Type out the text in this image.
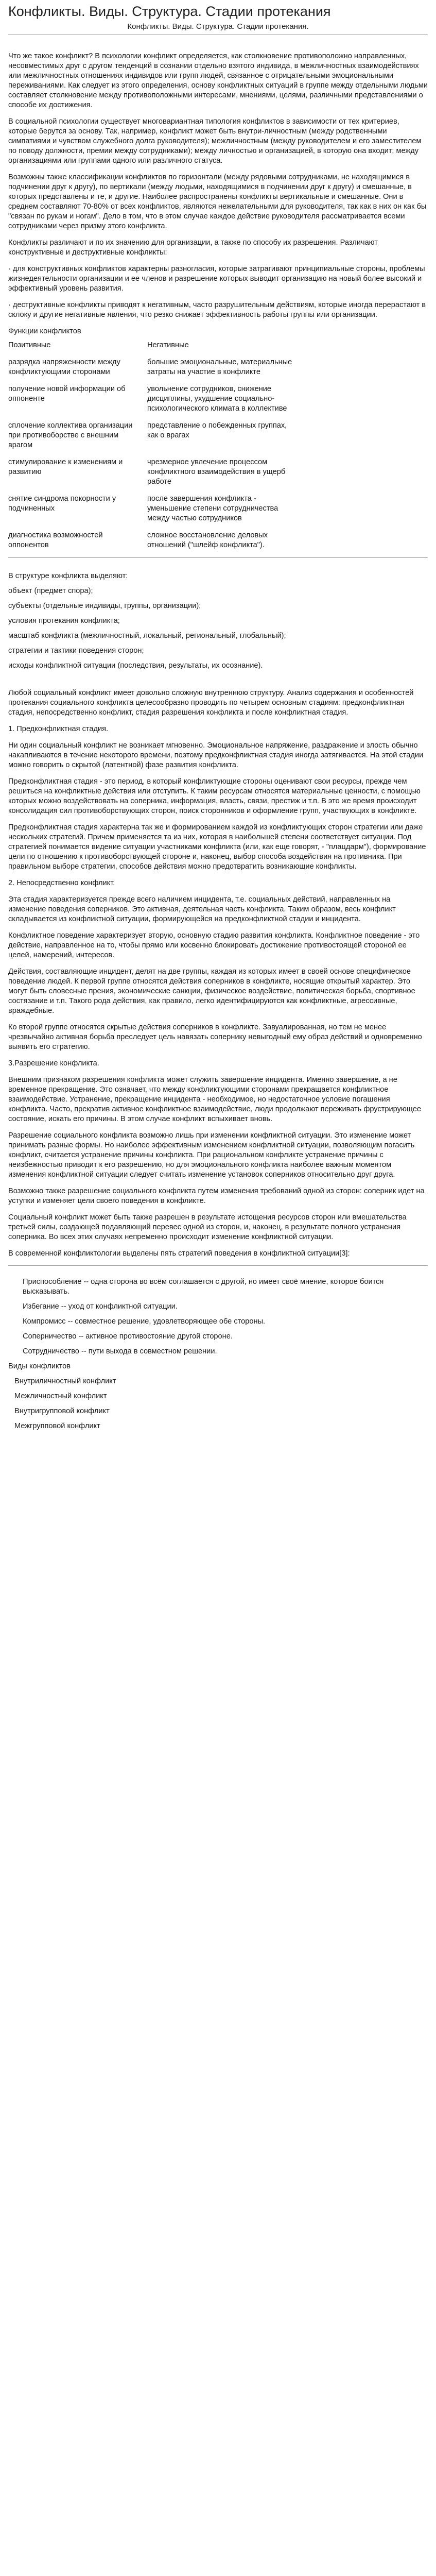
Конфликты. Виды. Структура. Стадии протекания
Конфликты. Виды. Структура. Стадии протекания.

Что же такое конфликт? В психологии конфликт определяется, как столкновение противоположно направленных, несовместимых друг с другом тенденций в сознании отдельно взятого индивида, в межличностных взаимодействиях или межличностных отношениях индивидов или групп людей, связанное с отрицательными эмоциональными переживаниями. Как следует из этого определения, основу конфликтных ситуаций в группе между отдельными людьми составляет столкновение между противоположными интересами, мнениями, целями, различными представлениями о способе их достижения.

В социальной психологии существует многовариантная типология конфликтов в зависимости от тех критериев, которые берутся за основу. Так, например, конфликт может быть внутри-личностным (между родственными симпатиями и чувством служебного долга руководителя); межличностным (между руководителем и его заместителем по поводу должности, премии между сотрудниками); между личностью и организацией, в которую она входит; между организациями или группами одного или различного статуса.

Возможны также классификации конфликтов по горизонтали (между рядовыми сотрудниками, не находящимися в подчинении друг к другу), по вертикали (между людьми, находящимися в подчинении друг к другу) и смешанные, в которых представлены и те, и другие. Наиболее распространены конфликты вертикальные и смешанные. Они в среднем составляют 70-80% от всех конфликтов, являются нежелательными для руководителя, так как в них он как бы "связан по рукам и ногам". Дело в том, что в этом случае каждое действие руководителя рассматривается всеми сотрудниками через призму этого конфликта.

Конфликты различают и по их значению для организации, а также по способу их разрешения. Различают конструктивные и деструктивные конфликты:

· для конструктивных конфликтов характерны разногласия, которые затрагивают принципиальные стороны, проблемы жизнедеятельности организации и ее членов и разрешение которых выводит организацию на новый более высокий и эффективный уровень развития.

· деструктивные конфликты приводят к негативным, часто разрушительным действиям, которые иногда перерастают в склоку и другие негативные явления, что резко снижает эффективность работы группы или организации.

Функции конфликтов
Позитивные	Негативные
разрядка напряженности между конфликтующими сторонами
большие эмоциональные, материальные затраты на участие в конфликте
получение новой информации об оппоненте
увольнение сотрудников, снижение дисциплины, ухудшение социально-психологического климата в коллективе
сплочение коллектива организации при противоборстве с внешним врагом
представление о побежденных группах, как о врагах
стимулирование к изменениям и развитию
чрезмерное увлечение процессом конфликтного взаимодействия в ущерб работе
снятие синдрома покорности у подчиненных
после завершения конфликта - уменьшение степени сотрудничества между частью сотрудников
диагностика возможностей оппонентов
сложное восстановление деловых отношений ("шлейф конфликта").

В структуре конфликта выделяют:

объект (предмет спора);

субъекты (отдельные индивиды, группы, организации);

условия протекания конфликта;

масштаб конфликта (межличностный, локальный, региональный, глобальный);

стратегии и тактики поведения сторон;

исходы конфликтной ситуации (последствия, результаты, их осознание).

Любой социальный конфликт имеет довольно сложную внутреннюю структуру. Анализ содержания и особенностей протекания социального конфликта целесообразно проводить по четырем основным стадиям: предконфликтная стадия, непосредственно конфликт, стадия разрешения конфликта и после конфликтная стадия.

1. Предконфликтная стадия.

Ни один социальный конфликт не возникает мгновенно. Эмоциональное напряжение, раздражение и злость обычно накапливаются в течение некоторого времени, поэтому предконфликтная стадия иногда затягивается. На этой стадии можно говорить о скрытой (латентной) фазе развития конфликта.

Предконфликтная стадия - это период, в который конфликтующие стороны оценивают свои ресурсы, прежде чем решиться на конфликтные действия или отступить. К таким ресурсам относятся материальные ценности, с помощью которых можно воздействовать на соперника, информация, власть, связи, престиж и т.п. В это же время происходит консолидация сил противоборствующих сторон, поиск сторонников и оформление групп, участвующих в конфликте.

Предконфликтная стадия характерна так же и формированием каждой из конфликтующих сторон стратегии или даже нескольких стратегий. Причем применяется та из них, которая в наибольшей степени соответствует ситуации. Под стратегией понимается видение ситуации участниками конфликта (или, как еще говорят, - "плацдарм"), формирование цели по отношению к противоборствующей стороне и, наконец, выбор способа воздействия на противника. При правильном выборе стратегии, способов действия можно предотвратить возникающие конфликты.

2. Непосредственно конфликт.

Эта стадия характеризуется прежде всего наличием инцидента, т.е. социальных действий, направленных на изменение поведения соперников. Это активная, деятельная часть конфликта. Таким образом, весь конфликт складывается из конфликтной ситуации, формирующейся на предконфликтной стадии и инцидента.

Конфликтное поведение характеризует вторую, основную стадию развития конфликта. Конфликтное поведение - это действие, направленное на то, чтобы прямо или косвенно блокировать достижение противостоящей стороной ее целей, намерений, интересов.

Действия, составляющие инцидент, делят на две группы, каждая из которых имеет в своей основе специфическое поведение людей. К первой группе относятся действия соперников в конфликте, носящие открытый характер. Это могут быть словесные прения, экономические санкции, физическое воздействие, политическая борьба, спортивное состязание и т.п. Такого рода действия, как правило, легко идентифицируются как конфликтные, агрессивные, враждебные.

Ко второй группе относятся скрытые действия соперников в конфликте. Завуалированная, но тем не менее чрезвычайно активная борьба преследует цель навязать сопернику невыгодный ему образ действий и одновременно выявить его стратегию.

3.Разрешение конфликта.

Внешним признаком разрешения конфликта может служить завершение инцидента. Именно завершение, а не временное прекращение. Это означает, что между конфликтующими сторонами прекращается конфликтное взаимодействие. Устранение, прекращение инцидента - необходимое, но недостаточное условие погашения конфликта. Часто, прекратив активное конфликтное взаимодействие, люди продолжают переживать фрустрирующее состояние, искать его причины. В этом случае конфликт вспыхивает вновь.

Разрешение социального конфликта возможно лишь при изменении конфликтной ситуации. Это изменение может принимать разные формы. Но наиболее эффективным изменением конфликтной ситуации, позволяющим погасить конфликт, считается устранение причины конфликта. При рациональном конфликте устранение причины с неизбежностью приводит к его разрешению, но для эмоционального конфликта наиболее важным моментом изменения конфликтной ситуации следует считать изменение установок соперников относительно друг друга.

Возможно также разрешение социального конфликта путем изменения требований одной из сторон: соперник идет на уступки и изменяет цели своего поведения в конфликте.

Социальный конфликт может быть также разрешен в результате истощения ресурсов сторон или вмешательства третьей силы, создающей подавляющий перевес одной из сторон, и, наконец, в результате полного устранения соперника. Во всех этих случаях непременно происходит изменение конфликтной ситуации.

В современной конфликтологии выделены пять стратегий поведения в конфликтной ситуации[3]:

Приспособление -- одна сторона во всём соглашается с другой, но имеет своё мнение, которое боится высказывать.

Избегание -- уход от конфликтной ситуации.

Компромисс -- совместное решение, удовлетворяющее обе стороны.

Соперничество -- активное противостояние другой стороне.

Сотрудничество -- пути выхода в совместном решении.

Виды конфликтов

Внутриличностный конфликт

Межличностный конфликт

Внутригрупповой конфликт

Межгрупповой конфликт
